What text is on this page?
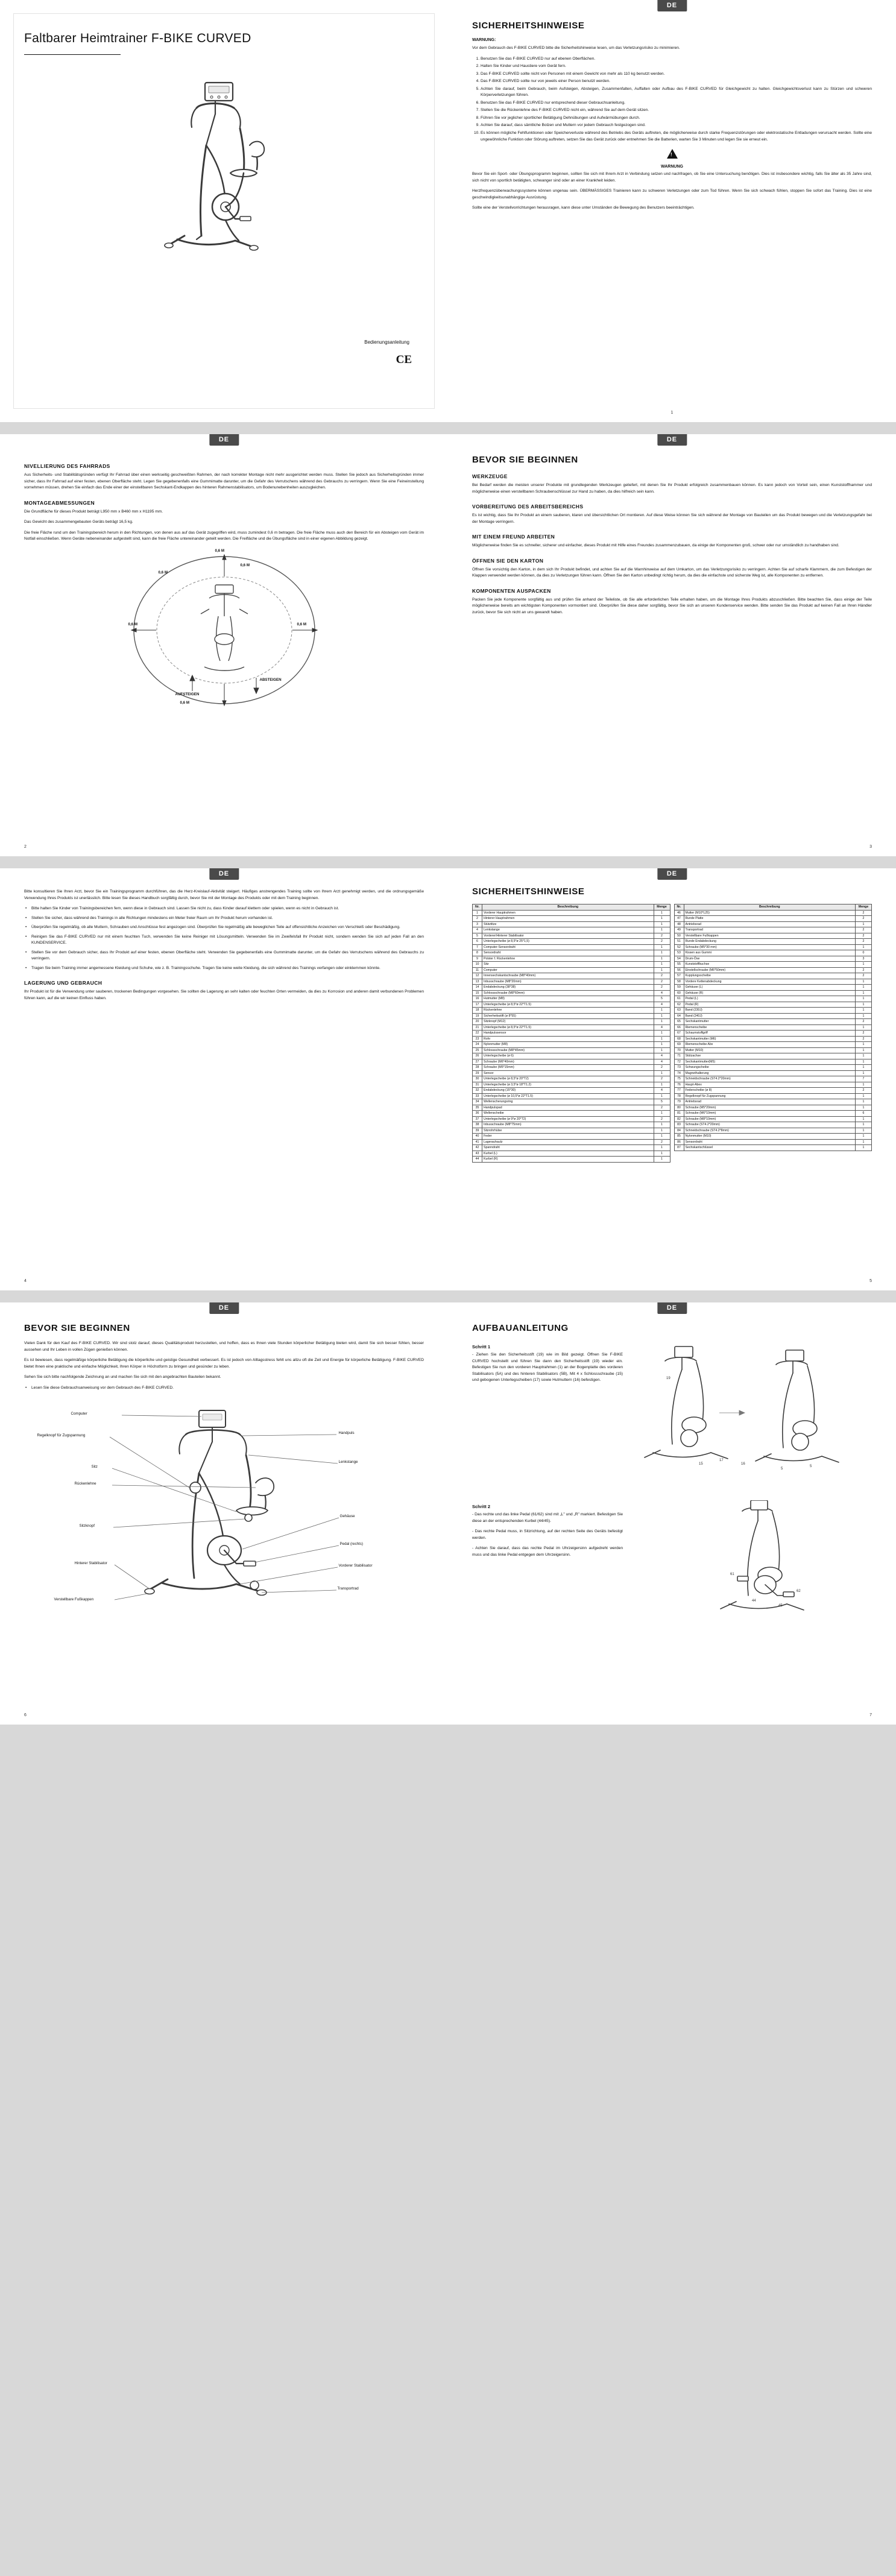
Faltbarer Heimtrainer F-BIKE CURVED
Bedienungsanleitung
CE
DE
SICHERHEITSHINWEISE
WARNUNG:

Vor dem Gebrauch des F-BIKE CURVED bitte die Sicherheitshinweise lesen, um das Verletzungsrisiko zu minimieren.

1. Benutzen Sie das F-BIKE CURVED nur auf ebenen Oberflächen.
2. Halten Sie Kinder und Haustiere vom Gerät fern.
3. Das F-BIKE CURVED sollte nicht von Personen mit einem Gewicht von mehr als 110 kg benutzt werden.
4. Das F-BIKE CURVED sollte nur von jeweils einer Person benutzt werden.
5. Achten Sie darauf, beim Gebrauch, beim Aufsteigen, Absteigen, Zusammenfalten, Auffalten oder Aufbau des F-BIKE CURVED für Gleichgewicht zu halten. Gleichgewichtsverlust kann zu Stürzen und schweren Körperverletzungen führen.
6. Benutzen Sie das F-BIKE CURVED nur entsprechend dieser Gebrauchsanleitung.
7. Stellen Sie die Rückenlehne des F-BIKE CURVED nicht ein, während Sie auf dem Gerät sitzen.
8. Führen Sie vor jeglicher sportlicher Betätigung Dehnübungen und Aufwärmübungen durch.
9. Achten Sie darauf, dass sämtliche Bolzen und Muttern vor jedem Gebrauch festgezogen sind.
10. Es können mögliche Fehlfunktionen oder Speicherverluste während des Betriebs des Geräts auftreten, die möglicherweise durch starke Frequenzstörungen oder elektrostatische Entladungen verursacht werden. Sollte eine ungewöhnliche Funktion oder Störung auftreten, setzen Sie das Gerät zurück oder entnehmen Sie die Batterien, warten Sie 3 Minuten und legen Sie sie erneut ein.
!
WARNUNG

Bevor Sie ein Sport- oder Übungsprogramm beginnen, sollten Sie sich mit Ihrem Arzt in Verbindung setzen und nachfragen, ob Sie eine Untersuchung benötigen. Dies ist insbesondere wichtig, falls Sie älter als 35 Jahre sind, sich nicht von sportlich betätigten, schwanger sind oder an einer Krankheit leiden.

Herzfrequenzüberwachungssysteme können ungenau sein. ÜBERMÄSSIGES Trainieren kann zu schweren Verletzungen oder zum Tod führen. Wenn Sie sich schwach fühlen, stoppen Sie sofort das Training. Dies ist eine geschwindigkeitsunabhängige Ausrüstung.

Sollte eine der Verstellvorrichtungen herausragen, kann diese unter Umständen die Bewegung des Benutzers beeinträchtigen.

1
DE
NIVELLIERUNG DES FAHRRADS

Aus Sicherheits- und Stabilitätsgründen verfügt Ihr Fahrrad über einen werkseitig geschweißten Rahmen, der nach korrekter Montage nicht mehr ausgerichtet werden muss. Stellen Sie jedoch aus Sicherheitsgründen immer sicher, dass Ihr Fahrrad auf einer festen, ebenen Oberfläche steht. Legen Sie gegebenenfalls eine Gummimatte darunter, um die Gefahr des Verrutschens während des Gebrauchs zu verringern. Wenn Sie eine Feineinstellung vornehmen müssen, drehen Sie einfach das Ende einer der einstellbaren Sechskant-Endkappen des hinteren Rahmenstabilisators, um Bodenunebenheiten auszugleichen.

MONTAGEABMESSUNGEN

Die Grundfläche für dieses Produkt beträgt L950 mm x B460 mm x H1195 mm.

Das Gewicht des zusammengebauten Geräts beträgt 16,5 kg.

Die freie Fläche rund um den Trainingsbereich herum in den Richtungen, von denen aus auf das Gerät zugegriffen wird, muss zumindest 0,6 m betragen. Die freie Fläche muss auch den Bereich für ein Absteigen vom Gerät im Notfall einschließen. Wenn Geräte nebeneinander aufgestellt sind, kann die freie Fläche untereinander geteilt werden. Die Freifläche und die Übungsfläche sind in einer eigenen Abbildung gezeigt.

0,6 M
0,6 M	0,6 M
0,6 M
0,6 M
0,6 M
AUFSTEIGEN
ABSTEIGEN
2
DE
BEVOR SIE BEGINNEN
WERKZEUGE

Bei Bedarf werden die meisten unserer Produkte mit grundlegenden Werkzeugen geliefert, mit denen Sie Ihr Produkt erfolgreich zusammenbauen können. Es kann jedoch von Vorteil sein, einen Kunststoffhammer und möglicherweise einen verstellbaren Schraubenschlüssel zur Hand zu haben, da dies hilfreich sein kann.

VORBEREITUNG DES ARBEITSBEREICHS

Es ist wichtig, dass Sie Ihr Produkt an einem sauberen, klaren und übersichtlichen Ort montieren. Auf diese Weise können Sie sich während der Montage von Bauteilen um das Produkt bewegen und die Verletzungsgefahr bei der Montage verringern.

MIT EINEM FREUND ARBEITEN

Möglicherweise finden Sie es schneller, sicherer und einfacher, dieses Produkt mit Hilfe eines Freundes zusammenzubauen, da einige der Komponenten groß, schwer oder nur umständlich zu handhaben sind.

ÖFFNEN SIE DEN KARTON

Öffnen Sie vorsichtig den Karton, in dem sich Ihr Produkt befindet, und achten Sie auf die Warnhinweise auf dem Umkarton, um das Verletzungsrisiko zu verringern. Achten Sie auf scharfe Klammern, die zum Befestigen der Klappen verwendet werden können, da dies zu Verletzungen führen kann. Öffnen Sie den Karton unbedingt richtig herum, da dies die einfachste und sicherste Weg ist, alle Komponenten zu entfernen.

KOMPONENTEN AUSPACKEN

Packen Sie jede Komponente sorgfältig aus und prüfen Sie anhand der Teileliste, ob Sie alle erforderlichen Teile erhalten haben, um die Montage Ihres Produkts abzuschließen. Bitte beachten Sie, dass einige der Teile möglicherweise bereits am wichtigsten Komponenten vormontiert sind. Überprüfen Sie diese daher sorgfältig, bevor Sie sich an unseren Kundenservice wenden. Bitte senden Sie das Produkt auf keinen Fall an Ihren Händler zurück, bevor Sie sich nicht an uns gewandt haben.

3
DE

Bitte konsultieren Sie Ihren Arzt, bevor Sie ein Trainingsprogramm durchführen, das die Herz-Kreislauf-Aktivität steigert. Häufiges anstrengendes Training sollte von Ihrem Arzt genehmigt werden, und die ordnungsgemäße Verwendung Ihres Produkts ist unerlässlich. Bitte lesen Sie dieses Handbuch sorgfältig durch, bevor Sie mit der Montage des Produkts oder mit dem Training beginnen.

• Bitte halten Sie Kinder von Trainingsbereichen fern, wenn diese in Gebrauch sind. Lassen Sie nicht zu, dass Kinder darauf klettern oder spielen, wenn es nicht in Gebrauch ist.
• Stellen Sie sicher, dass während des Trainings in alle Richtungen mindestens ein Meter freier Raum um Ihr Produkt herum vorhanden ist.
• Überprüfen Sie regelmäßig, ob alle Muttern, Schrauben und Anschlüsse fest angezogen sind. Überprüfen Sie regelmäßig alle beweglichen Teile auf offensichtliche Anzeichen von Verschleiß oder Beschädigung.
• Reinigen Sie das F-BIKE CURVED nur mit einem feuchten Tuch, verwenden Sie keine Reiniger mit Lösungsmitteln. Verwenden Sie im Zweifelsfall Ihr Produkt nicht, sondern wenden Sie sich auf jeden Fall an den KUNDENSERVICE.
• Stellen Sie vor dem Gebrauch sicher, dass Ihr Produkt auf einer festen, ebenen Oberfläche steht. Verwenden Sie gegebenenfalls eine Gummimatte darunter, um die Gefahr des Verrutschens während des Gebrauchs zu verringern.
• Tragen Sie beim Training immer angemessene Kleidung und Schuhe, wie z. B. Trainingsschuhe. Tragen Sie keine weite Kleidung, die sich während des Trainings verfangen oder einklemmen könnte.
LAGERUNG UND GEBRAUCH

Ihr Produkt ist für die Verwendung unter sauberen, trockenen Bedingungen vorgesehen. Sie sollten die Lagerung an sehr kalten oder feuchten Orten vermeiden, da dies zu Korrosion und anderen damit verbundenen Problemen führen kann, auf die wir keinen Einfluss haben.

4
DE
SICHERHEITSHINWEISE
Nr.	Beschreibung	Menge
1	Vorderer Hauptrahmen	1
2	Hinterer Hauptrahmen	1
3	Stütztitze	1
4	Lenkstange	1
5	Vorderer/Hinterer Stabilisator	2
6	Unterlegscheibe (ø 8,5*ø 25*1,5)	2
7	Computer-Sensordraht	1
8	Sensordraht	1
9	Polster f. Rückenlehne	1
10	Sitz	1
11	Computer	1
12	Innensechskantschraube (M8*40mm)	2
13	Inbusschraube (M8*20mm)	2
14	Endabdeckung (38*38)	2
15	Schlossschraube (M8*60mm)	4
16	Hutmutter (M8)	5
17	Unterlegscheibe (ø 8,5*ø 22*T1.5)	4
18	Rückenlehne	1
19	Sicherheitsstift (ø 8*55)	1
20	Sitzknopf (M12)	1
21	Unterlegscheibe (ø 8,5*ø 22*T1.5)	4
22	Handpulssensor	1
23	Rohr	1
24	Nylonmutter (M8)	1
25	Schlossschraube (M8*45mm)	1
26	Unterlegscheibe (ø 6)	4
27	Schraube (M6*40mm)	4
28	Schraube (M5*15mm)	2
29	Sensor	1
30	Unterlegscheibe (ø 8,5*ø 20*T2)	2
31	Unterlegscheibe (ø 3,5*ø 18*T1.2)	1
32	Endabdeckung (15*30)	4
33	Unterlegscheibe (ø 10,5*ø 22*T1.5)	1
34	Wellenscherungsring	5
35	Handpulspad	2
36	Wellenscheibe	1
37	Unterlegscheibe (ø 9*ø 20*T2)	2
38	Inbusschraube (M8*75mm)	1
39	Sitzrohrhülse	1
40	Feder	1
41	Lagerauhaulz	2
42	Spanndraht	1
43	Kurbel (L)	1
44	Kurbel (R)	1
Nr.	Beschreibung	Menge
46	Mutter (M10*L25)	2
47	Runde Platte	2
48	Antriebsrad	1
49	Transportrad	2
50	Verstellbare Fußkappen	2
51	Runde Endabdeckung	2
52	Schraube (M5*30 mm)	1
53	Kissen aus Gummi	0
54	Drum-Öse	3
55	Kunststoffbuchse	1
56	Einstellschraube (M6*50mm)	2
57	Kupplungsscheibe	2
58	Vordere Kettenabdeckung	1
59	Gehäuse (L)	1
60	Gehäuse (R)	1
61	Pedal (L)	1
62	Pedal (R)	1
63	Band (230J)	1
64	Band (240J)	1
65	Sechskantmutter	2
66	Riemenscheibe	1
67	Schaumstoffgriff	2
68	Sechskantmutter (M6)	2
69	Riemenscheibe Abx	1
70	Mutter (M10)	1
71	Stützachse	1
72	Sechskantmutter(M5)	1
73	Schwungscheibe	1
74	Magnethalterung	1
75	Schneidschraube (ST4.2*20mm)	7
76	Haupt-Abex	1
77	Federscheibe (ø 8)	2
78	Regelknopf für Zugspannung	1
79	Antriebsrad	1
80	Schraube (M5*20mm)	1
81	Schraube (M6*10mm)	6
82	Schraube (M8*10mm)	1
83	Schraube (ST4.2*20mm)	1
84	Schneidschraube (ST4.2*8mm)	1
85	Nylonmutter (M10)	1
86	Sensordraht	1
87	Sechskantschlüssel	1
5
DE
BEVOR SIE BEGINNEN

Vielen Dank für den Kauf des F-BIKE CURVED. Wir sind stolz darauf, dieses Qualitätsprodukt herzustellen, und hoffen, dass es Ihnen viele Stunden körperlicher Betätigung bieten wird, damit Sie sich besser fühlen, besser aussehen und Ihr Leben in vollen Zügen genießen können.

Es ist bewiesen, dass regelmäßige körperliche Betätigung die körperliche und geistige Gesundheit verbessert. Es ist jedoch von Alltagsstress fehlt uns allzu oft die Zeit und Energie für körperliche Betätigung. F-BIKE CURVED bietet Ihnen eine praktische und einfache Möglichkeit, Ihren Körper in Höchstform zu bringen und gesünder zu leben.

Sehen Sie sich bitte nachfolgende Zeichnung an und machen Sie sich mit den angebrachten Bauteilen bekannt.

• Lesen Sie diese Gebrauchsanweisung vor dem Gebrauch des F-BIKE CURVED.
Computer
Regelknopf für Zugspannung
Sitz
Rückenlehne
Sitzknopf
Hinterer Stabilisator
Verstellbare Fußkappen
Handpuls
Lenkstange
Gehäuse
Pedal (rechts)
Vorderer Stabilisator
Transportrad
6
DE
AUFBAUANLEITUNG
Schritt 1

- Ziehen Sie den Sicherheitsstift (19) wie im Bild gezeigt. Öffnen Sie F-BIKE CURVED hochstellt und führen Sie dann den Sicherheitsstift (19) wieder ein. Befestigen Sie nun den vorderen Hauptrahmen (1) an der Bogenplatte des vorderen Stabilisators (5A) und des hinteren Stabilisators (5B), Mit 4 x Schlossschraube (15) und gebogenen Unterlegscheiben (17) sowie Hutmuttern (16) befestigen.

15
17
16
19
5
5
Schritt 2

- Das rechte und das linke Pedal (61/62) sind mit „L" und „R" markiert. Befestigen Sie diese an der entsprechenden Kurbel (44/45).

- Das rechte Pedal muss, in Sitzrichtung, auf der rechten Seite des Geräts befestigt werden.

- Achten Sie darauf, dass das rechte Pedal im Uhrzeigersinn aufgedreht werden muss und das linke Pedal entgegen dem Uhrzeigersinn.

61
62
45
44
7
